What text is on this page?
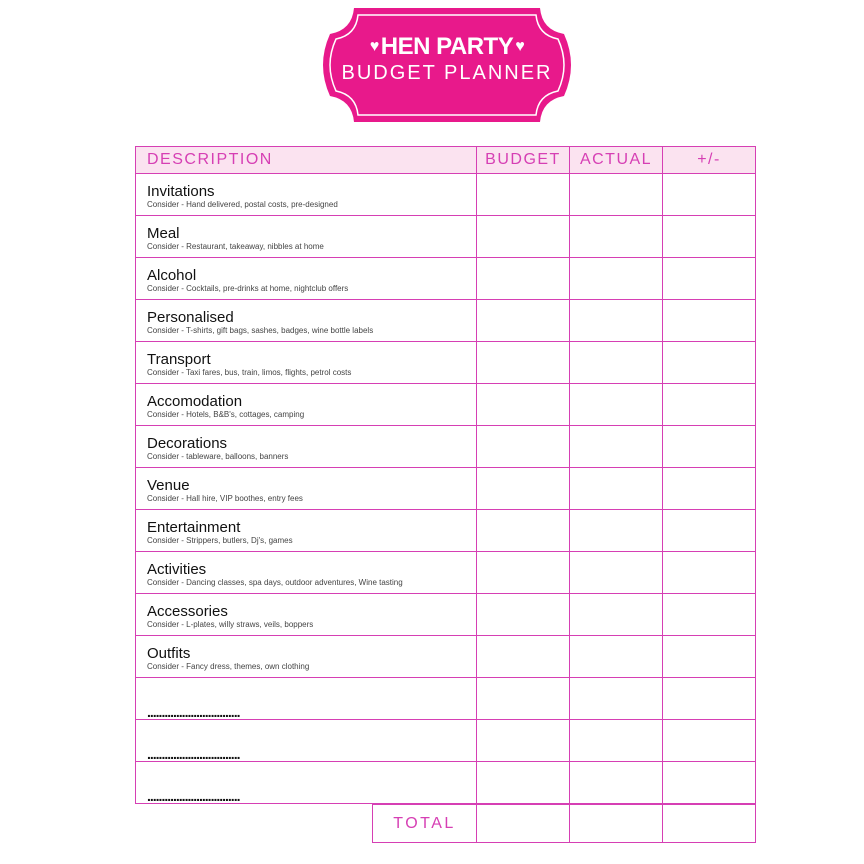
♥HEN PARTY ♥
BUDGET PLANNER
DESCRIPTION	BUDGET	ACTUAL	+/-

Invitations
Consider - Hand delivered, postal costs, pre-designed			

Meal
Consider - Restaurant, takeaway, nibbles at home			

Alcohol
Consider - Cocktails, pre-drinks at home, nightclub offers			

Personalised
Consider - T-shirts, gift bags, sashes, badges, wine bottle labels			

Transport
Consider - Taxi fares, bus, train, limos, flights, petrol costs			

Accomodation
Consider - Hotels, B&B's, cottages, camping			

Decorations
Consider - tableware, balloons, banners			

Venue
Consider - Hall hire, VIP boothes, entry fees			

Entertainment
Consider - Strippers, butlers, Dj's, games			

Activities
Consider - Dancing classes, spa days, outdoor adventures, Wine tasting			

Accessories
Consider - L-plates, willy straws, veils, boppers			

Outfits
Consider - Fancy dress, themes, own clothing			

................................			

................................			

................................			

TOTAL			
